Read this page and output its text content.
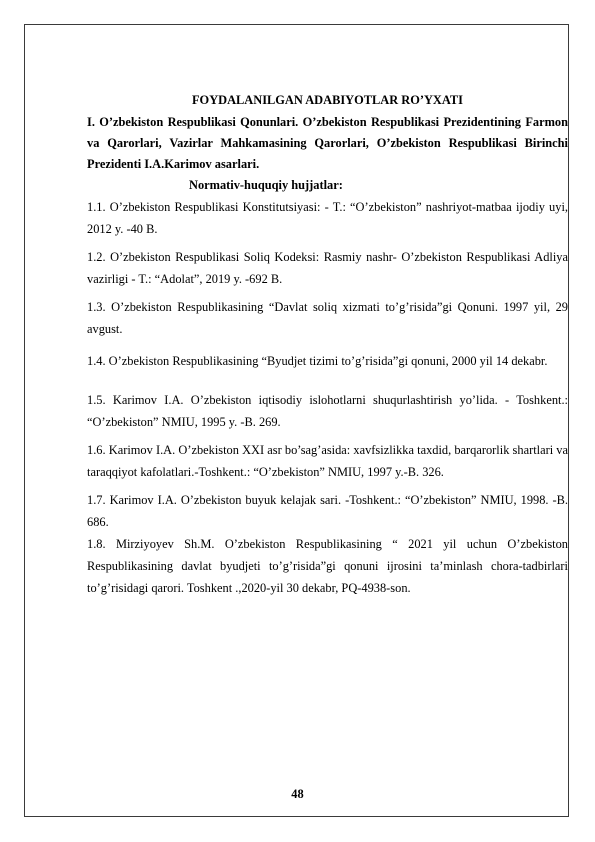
FOYDALANILGAN ADABIYOTLAR RO’YXATI

I. O’zbekiston Respublikasi Qonunlari. O’zbekiston Respublikasi Prezidentining Farmon va Qarorlari, Vazirlar Mahkamasining Qarorlari, O’zbekiston Respublikasi Birinchi Prezidenti I.A.Karimov asarlari.

Normativ-huquqiy hujjatlar:

1.1. O’zbekiston Respublikasi Konstitutsiyasi: - T.: “O’zbekiston” nashriyot-matbaa ijodiy uyi, 2012 y. -40 B.

1.2. O’zbekiston Respublikasi Soliq Kodeksi: Rasmiy nashr- O’zbekiston Respublikasi Adliya vazirligi - T.: “Adolat”, 2019 y. -692 B.

1.3. O’zbekiston Respublikasining “Davlat soliq xizmati to’g’risida”gi Qonuni. 1997 yil, 29 avgust.

1.4. O’zbekiston Respublikasining “Byudjet tizimi to’g’risida”gi qonuni, 2000 yil 14 dekabr.

1.5. Karimov I.A. O’zbekiston iqtisodiy islohotlarni shuqurlashtirish yo’lida. - Toshkent.: “O’zbekiston” NMIU, 1995 y. -B. 269.

1.6. Karimov I.A. O’zbekiston XXI asr bo’sag’asida: xavfsizlikka taxdid, barqarorlik shartlari va taraqqiyot kafolatlari.-Toshkent.: “O’zbekiston” NMIU, 1997 y.-B. 326.

1.7. Karimov I.A. O’zbekiston buyuk kelajak sari. -Toshkent.: “O’zbekiston” NMIU, 1998. -B. 686.

1.8. Mirziyoyev Sh.M. O’zbekiston Respublikasining “ 2021 yil uchun O’zbekiston Respublikasining davlat byudjeti to’g’risida”gi qonuni ijrosini ta’minlash chora-tadbirlari to’g’risidagi qarori. Toshkent .,2020-yil 30 dekabr, PQ-4938-son.

48
